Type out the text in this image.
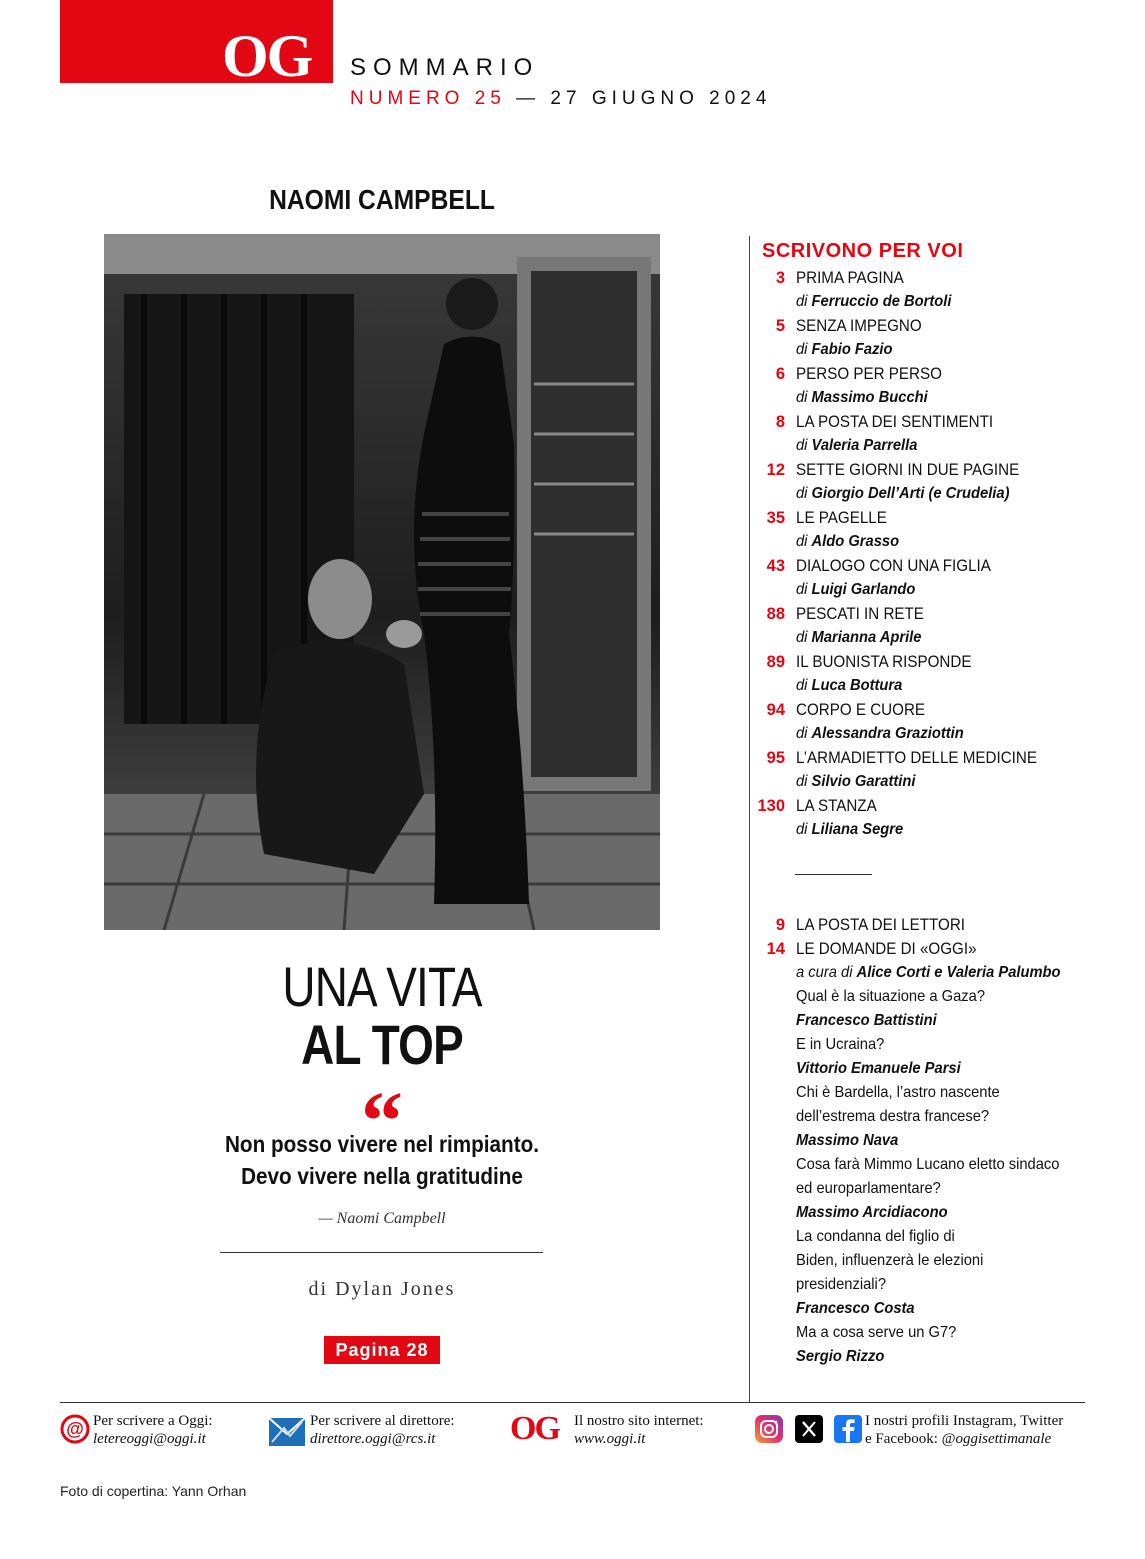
OG SOMMARIO
NUMERO 25 — 27 GIUGNO 2024
NAOMI CAMPBELL
UNA VITA
AL TOP
“
Non posso vivere nel rimpianto.
Devo vivere nella gratitudine
— Naomi Campbell
di Dylan Jones
Pagina 28
SCRIVONO PER VOI
3 PRIMA PAGINA
di Ferruccio de Bortoli
5 SENZA IMPEGNO
di Fabio Fazio
6 PERSO PER PERSO
di Massimo Bucchi
8 LA POSTA DEI SENTIMENTI
di Valeria Parrella
12 SETTE GIORNI IN DUE PAGINE
di Giorgio Dell’Arti (e Crudelia)
35 LE PAGELLE
di Aldo Grasso
43 DIALOGO CON UNA FIGLIA
di Luigi Garlando
88 PESCATI IN RETE
di Marianna Aprile
89 IL BUONISTA RISPONDE
di Luca Bottura
94 CORPO E CUORE
di Alessandra Graziottin
95 L’ARMADIETTO DELLE MEDICINE
di Silvio Garattini
130 LA STANZA
di Liliana Segre
9 LA POSTA DEI LETTORI
14 LE DOMANDE DI «OGGI»
a cura di Alice Corti e Valeria Palumbo
Qual è la situazione a Gaza?
Francesco Battistini
E in Ucraina?
Vittorio Emanuele Parsi
Chi è Bardella, l’astro nascente
dell’estrema destra francese?
Massimo Nava
Cosa farà Mimmo Lucano eletto sindaco
ed europarlamentare?
Massimo Arcidiacono
La condanna del figlio di
Biden, influenzerà le elezioni
presidenziali?
Francesco Costa
Ma a cosa serve un G7?
Sergio Rizzo
@ Per scrivere a Oggi:
letereoggi@oggi.it
Per scrivere al direttore:
direttore.oggi@rcs.it	OG Il nostro sito internet:
www.oggi.it
I nostri profili Instagram, Twitter
e Facebook: @oggisettimanale
Foto di copertina: Yann Orhan
